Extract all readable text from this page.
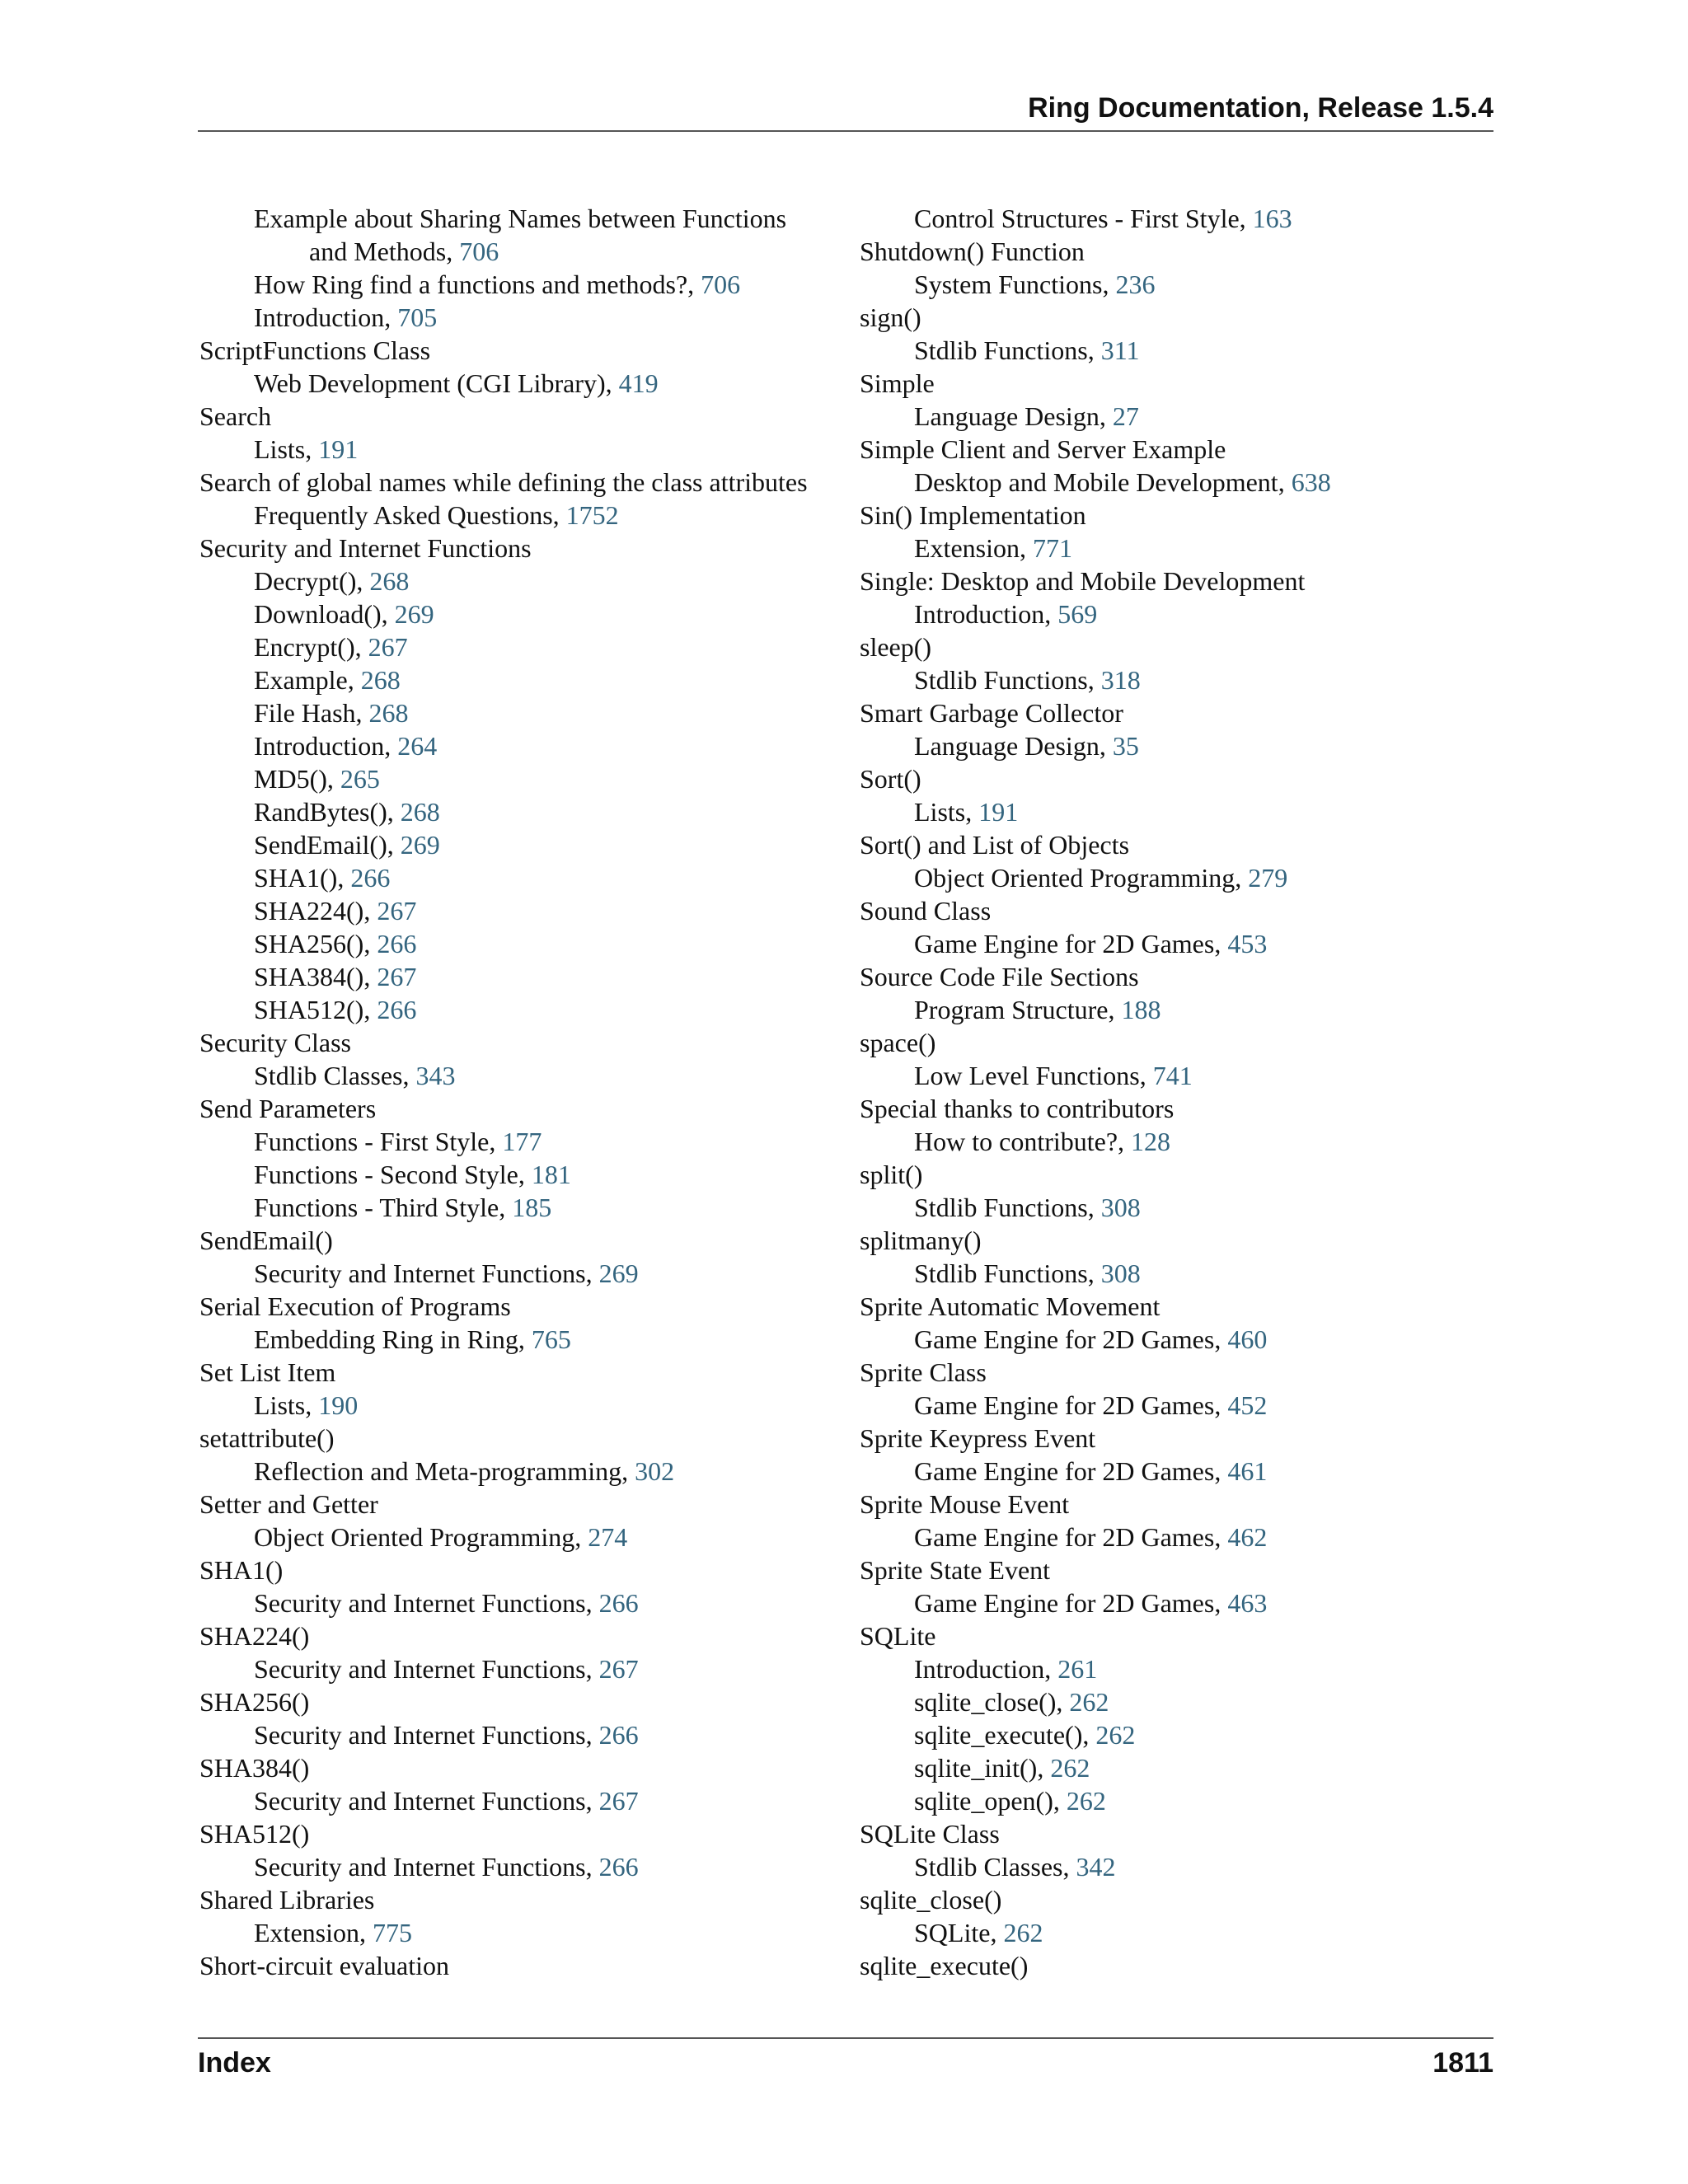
Ring Documentation, Release 1.5.4
Example about Sharing Names between Functions
and Methods, 706
How Ring find a functions and methods?, 706
Introduction, 705
ScriptFunctions Class
Web Development (CGI Library), 419
Search
Lists, 191
Search of global names while defining the class attributes
Frequently Asked Questions, 1752
Security and Internet Functions
Decrypt(), 268
Download(), 269
Encrypt(), 267
Example, 268
File Hash, 268
Introduction, 264
MD5(), 265
RandBytes(), 268
SendEmail(), 269
SHA1(), 266
SHA224(), 267
SHA256(), 266
SHA384(), 267
SHA512(), 266
Security Class
Stdlib Classes, 343
Send Parameters
Functions - First Style, 177
Functions - Second Style, 181
Functions - Third Style, 185
SendEmail()
Security and Internet Functions, 269
Serial Execution of Programs
Embedding Ring in Ring, 765
Set List Item
Lists, 190
setattribute()
Reflection and Meta-programming, 302
Setter and Getter
Object Oriented Programming, 274
SHA1()
Security and Internet Functions, 266
SHA224()
Security and Internet Functions, 267
SHA256()
Security and Internet Functions, 266
SHA384()
Security and Internet Functions, 267
SHA512()
Security and Internet Functions, 266
Shared Libraries
Extension, 775
Short-circuit evaluation
Control Structures - First Style, 163
Shutdown() Function
System Functions, 236
sign()
Stdlib Functions, 311
Simple
Language Design, 27
Simple Client and Server Example
Desktop and Mobile Development, 638
Sin() Implementation
Extension, 771
Single: Desktop and Mobile Development
Introduction, 569
sleep()
Stdlib Functions, 318
Smart Garbage Collector
Language Design, 35
Sort()
Lists, 191
Sort() and List of Objects
Object Oriented Programming, 279
Sound Class
Game Engine for 2D Games, 453
Source Code File Sections
Program Structure, 188
space()
Low Level Functions, 741
Special thanks to contributors
How to contribute?, 128
split()
Stdlib Functions, 308
splitmany()
Stdlib Functions, 308
Sprite Automatic Movement
Game Engine for 2D Games, 460
Sprite Class
Game Engine for 2D Games, 452
Sprite Keypress Event
Game Engine for 2D Games, 461
Sprite Mouse Event
Game Engine for 2D Games, 462
Sprite State Event
Game Engine for 2D Games, 463
SQLite
Introduction, 261
sqlite_close(), 262
sqlite_execute(), 262
sqlite_init(), 262
sqlite_open(), 262
SQLite Class
Stdlib Classes, 342
sqlite_close()
SQLite, 262
sqlite_execute()
Index	1811
